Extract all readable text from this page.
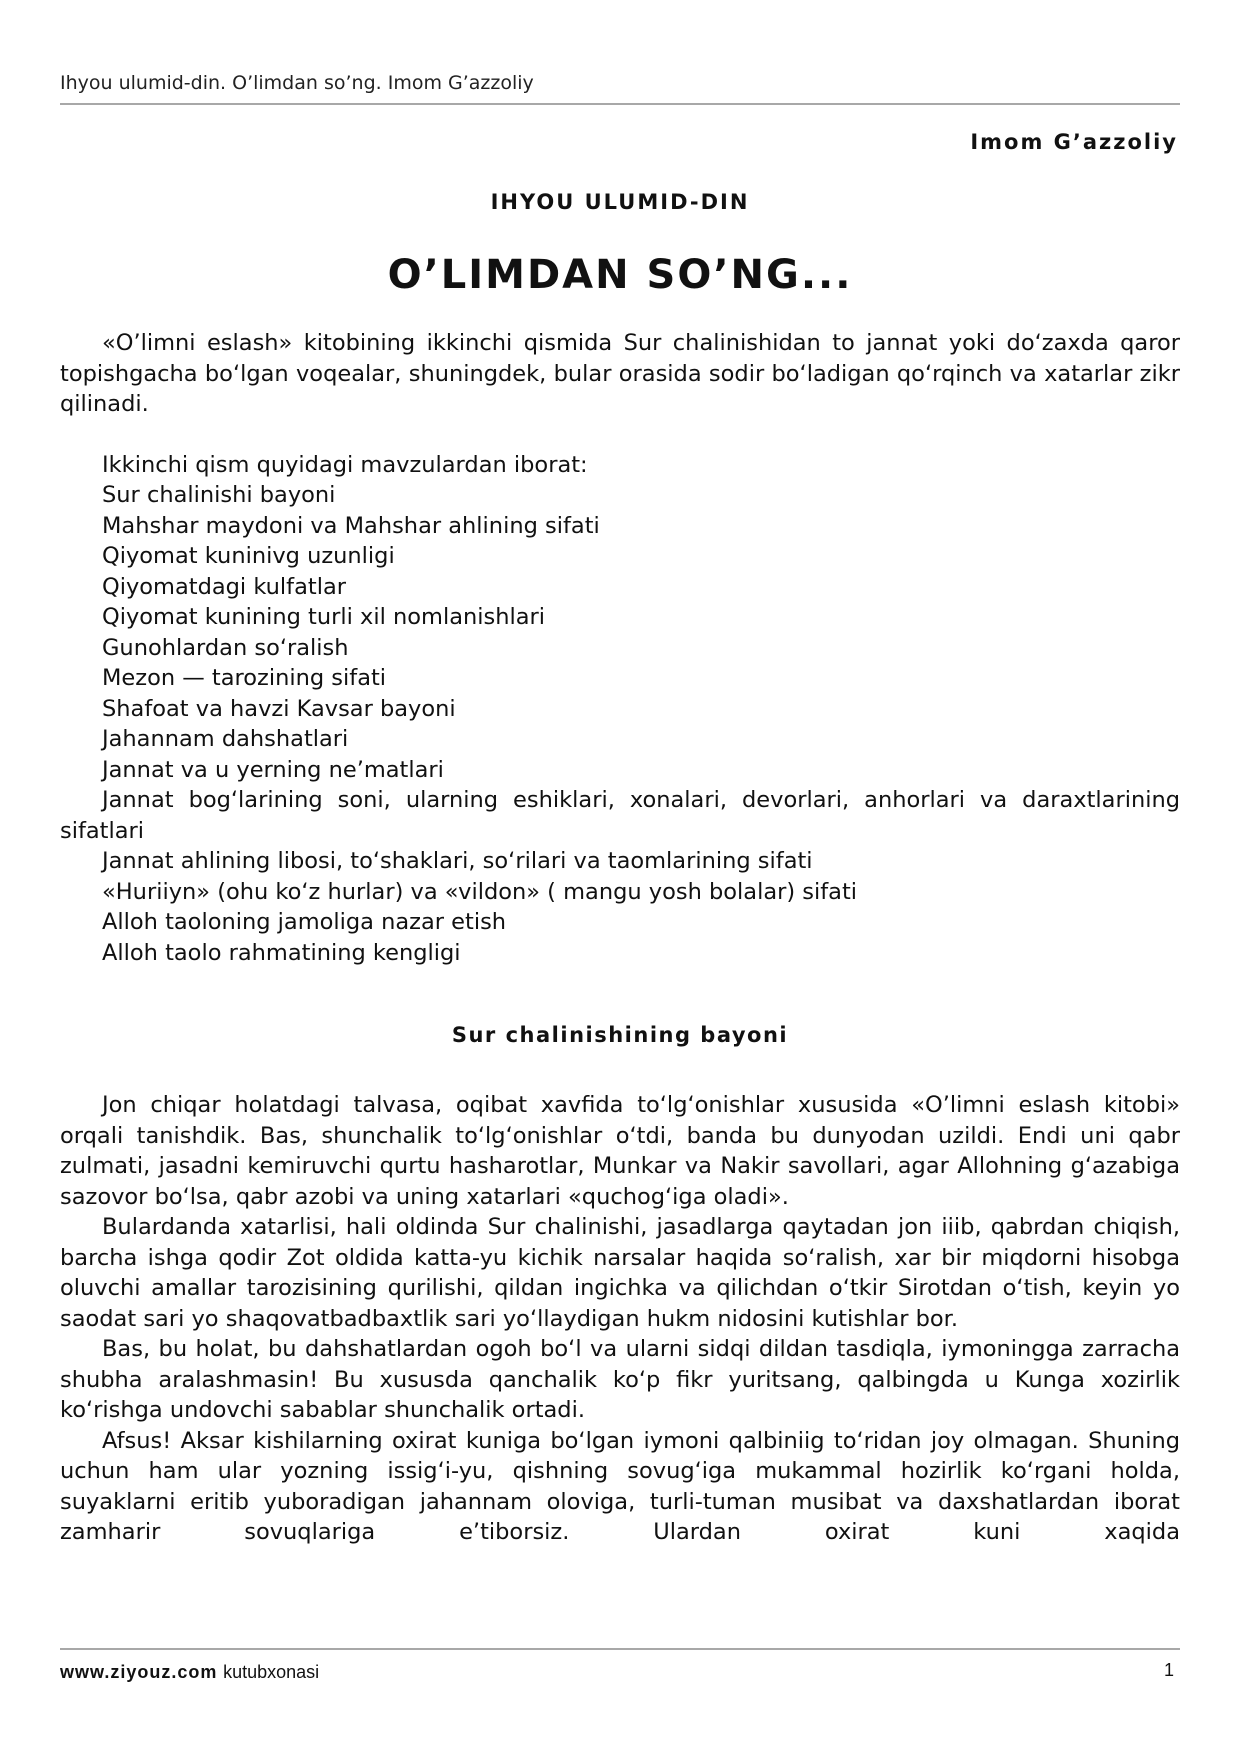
Ihyou ulumid-din. O’limdan so’ng. Imom G’azzoliy
Imom G’azzoliy
IHYOU ULUMID-DIN
O’LIMDAN SO’NG...

«O’limni eslash» kitobining ikkinchi qismida Sur chalinishidan to jannat yoki do‘zaxda qaror topishgacha bo‘lgan voqealar, shuningdek, bular orasida sodir bo‘ladigan qo‘rqinch va xatarlar zikr qilinadi.

Ikkinchi qism quyidagi mavzulardan iborat:

Sur chalinishi bayoni

Mahshar maydoni va Mahshar ahlining sifati

Qiyomat kuninivg uzunligi

Qiyomatdagi kulfatlar

Qiyomat kunining turli xil nomlanishlari

Gunohlardan so‘ralish

Mezon — tarozining sifati

Shafoat va havzi Kavsar bayoni

Jahannam dahshatlari

Jannat va u yerning ne’matlari

Jannat bog‘larining soni, ularning eshiklari, xonalari, devorlari, anhorlari va daraxtlarining sifatlari

Jannat ahlining libosi, to‘shaklari, so‘rilari va taomlarining sifati

«Huriiyn» (ohu ko‘z hurlar) va «vildon» ( mangu yosh bolalar) sifati

Alloh taoloning jamoliga nazar etish

Alloh taolo rahmatining kengligi

Sur chalinishining bayoni

Jon chiqar holatdagi talvasa, oqibat xavfida to‘lg‘onishlar xususida «O’limni eslash kitobi» orqali tanishdik. Bas, shunchalik to‘lg‘onishlar o‘tdi, banda bu dunyodan uzildi. Endi uni qabr zulmati, jasadni kemiruvchi qurtu hasharotlar, Munkar va Nakir savollari, agar Allohning g‘azabiga sazovor bo‘lsa, qabr azobi va uning xatarlari «quchog‘iga oladi».

Bulardanda xatarlisi, hali oldinda Sur chalinishi, jasadlarga qaytadan jon iiib, qabrdan chiqish, barcha ishga qodir Zot oldida katta-yu kichik narsalar haqida so‘ralish, xar bir miqdorni hisobga oluvchi amallar tarozisining qurilishi, qildan ingichka va qilichdan o‘tkir Sirotdan o‘tish, keyin yo saodat sari yo shaqovatbadbaxtlik sari yo‘llaydigan hukm nidosini kutishlar bor.

Bas, bu holat, bu dahshatlardan ogoh bo‘l va ularni sidqi dildan tasdiqla, iymoningga zarracha shubha aralashmasin! Bu xususda qanchalik ko‘p fikr yuritsang, qalbingda u Kunga xozirlik ko‘rishga undovchi sabablar shunchalik ortadi.

Afsus! Aksar kishilarning oxirat kuniga bo‘lgan iymoni qalbiniig to‘ridan joy olmagan. Shuning uchun ham ular yozning issig‘i-yu, qishning sovug‘iga mukammal hozirlik ko‘rgani holda, suyaklarni eritib yuboradigan jahannam oloviga, turli-tuman musibat va daxshatlardan iborat zamharir sovuqlariga e’tiborsiz. Ulardan oxirat kuni xaqida

www.ziyouz.com kutubxonasi	1
